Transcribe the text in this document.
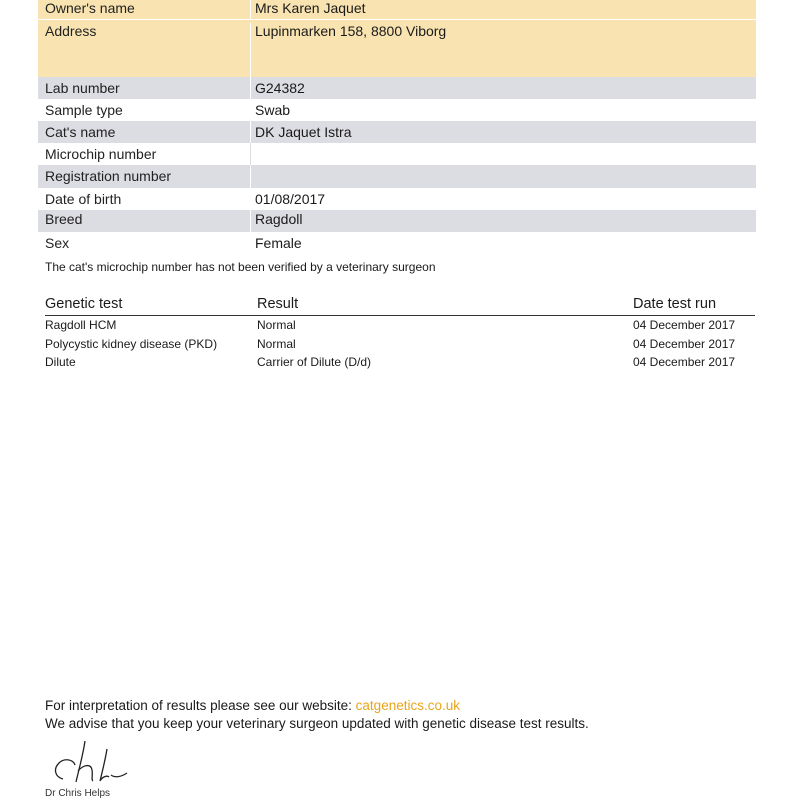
Owner's name	Mrs Karen Jaquet
Address	Lupinmarken 158, 8800 Viborg
Lab number	G24382
Sample type	Swab
Cat's name	DK Jaquet Istra
Microchip number
Registration number
Date of birth	01/08/2017
Breed	Ragdoll
Sex	Female
The cat's microchip number has not been verified by a veterinary surgeon
Genetic test	Result	Date test run
Ragdoll HCM	Normal	04 December 2017
Polycystic kidney disease (PKD)	Normal	04 December 2017
Dilute	Carrier of Dilute (D/d)	04 December 2017
For interpretation of results please see our website: catgenetics.co.uk
We advise that you keep your veterinary surgeon updated with genetic disease test results.
Dr Chris Helps
